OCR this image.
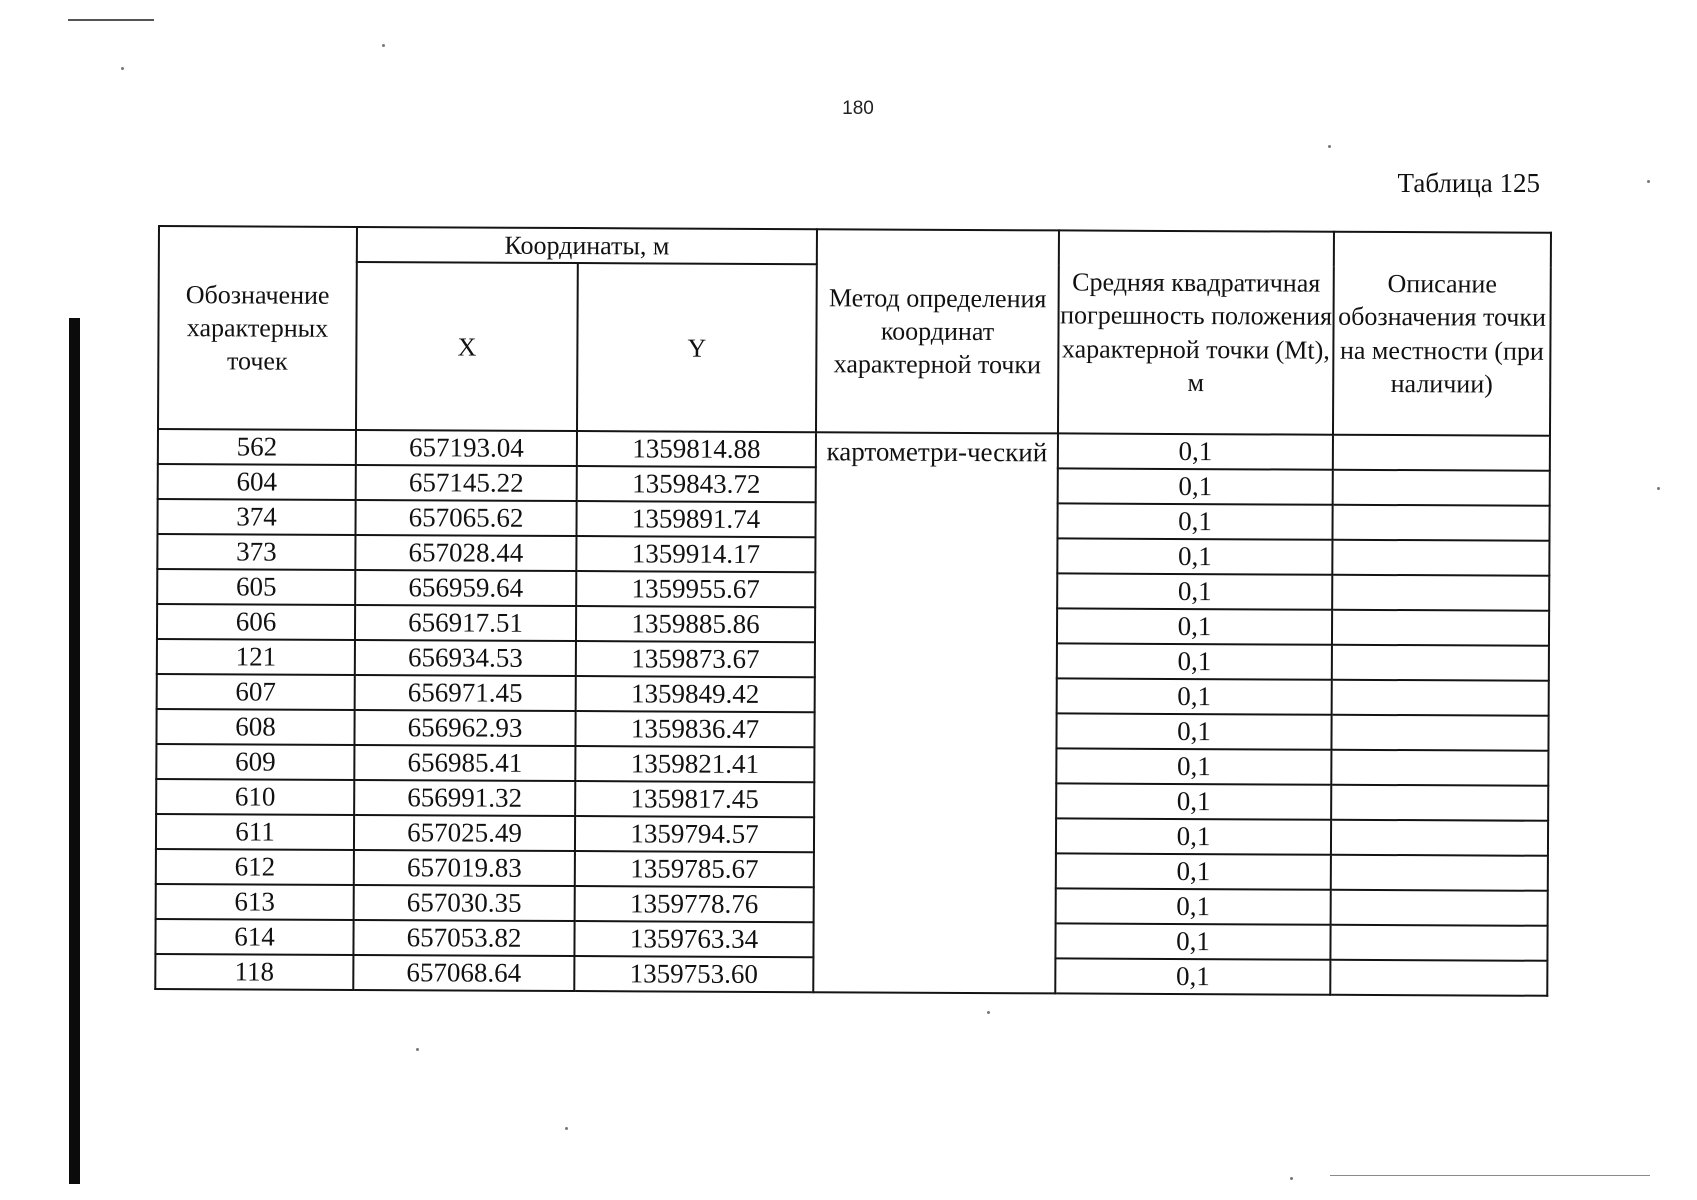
180
Таблица 125
Обозначение характерных точек	Координаты, м		Метод определения координат характерной точки	Средняя квадратичная погрешность положения характерной точки (Mt), м	Описание обозначения точки на местности (при наличии)
	X	Y			
562	657193.04	1359814.88	картометри-ческий	0,1	
604	657145.22	1359843.72		0,1	
374	657065.62	1359891.74		0,1	
373	657028.44	1359914.17		0,1	
605	656959.64	1359955.67		0,1	
606	656917.51	1359885.86		0,1	
121	656934.53	1359873.67		0,1	
607	656971.45	1359849.42		0,1	
608	656962.93	1359836.47		0,1	
609	656985.41	1359821.41		0,1	
610	656991.32	1359817.45		0,1	
611	657025.49	1359794.57		0,1	
612	657019.83	1359785.67		0,1	
613	657030.35	1359778.76		0,1	
614	657053.82	1359763.34		0,1	
118	657068.64	1359753.60		0,1	
